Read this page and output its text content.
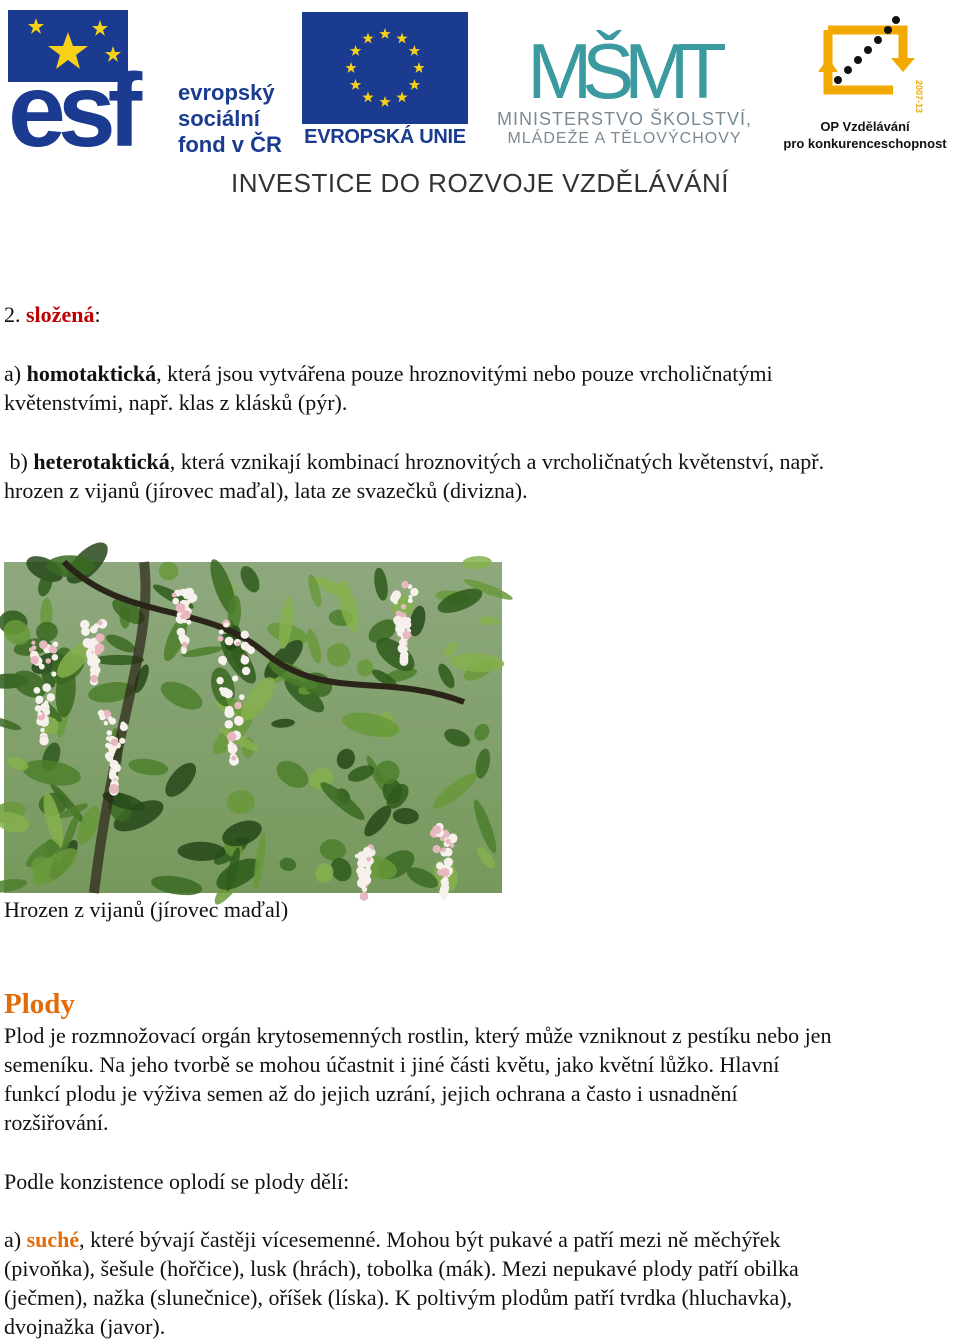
esf	evropský
sociální
fond v ČR EVROPSKÁ UNIE
MŠMT
MINISTERSTVO ŠKOLSTVÍ,
MLÁDEŽE A TĚLOVÝCHOVY
2007-13
OP Vzdělávání
pro konkurenceschopnost
INVESTICE DO ROZVOJE VZDĚLÁVÁNÍ

2. složená:

a) homotaktická, která jsou vytvářena pouze hroznovitými nebo pouze vrcholičnatými
květenstvími, např. klas z klásků (pýr).

b) heterotaktická, která vznikají kombinací hroznovitých a vrcholičnatých květenství, např.
hrozen z vijanů (jírovec maďal), lata ze svazečků (divizna).

Hrozen z vijanů (jírovec maďal)

Plody

Plod je rozmnožovací orgán krytosemenných rostlin, který může vzniknout z pestíku nebo jen
semeníku. Na jeho tvorbě se mohou účastnit i jiné části květu, jako květní lůžko. Hlavní
funkcí plodu je výživa semen až do jejich uzrání, jejich ochrana a často i usnadnění
rozšiřování.

Podle konzistence oplodí se plody dělí:

a) suché, které bývají častěji vícesemenné. Mohou být pukavé a patří mezi ně měchýřek
(pivoňka), šešule (hořčice), lusk (hrách), tobolka (mák). Mezi nepukavé plody patří obilka
(ječmen), nažka (slunečnice), oříšek (líska). K poltivým plodům patří tvrdka (hluchavka),
dvojnažka (javor).
